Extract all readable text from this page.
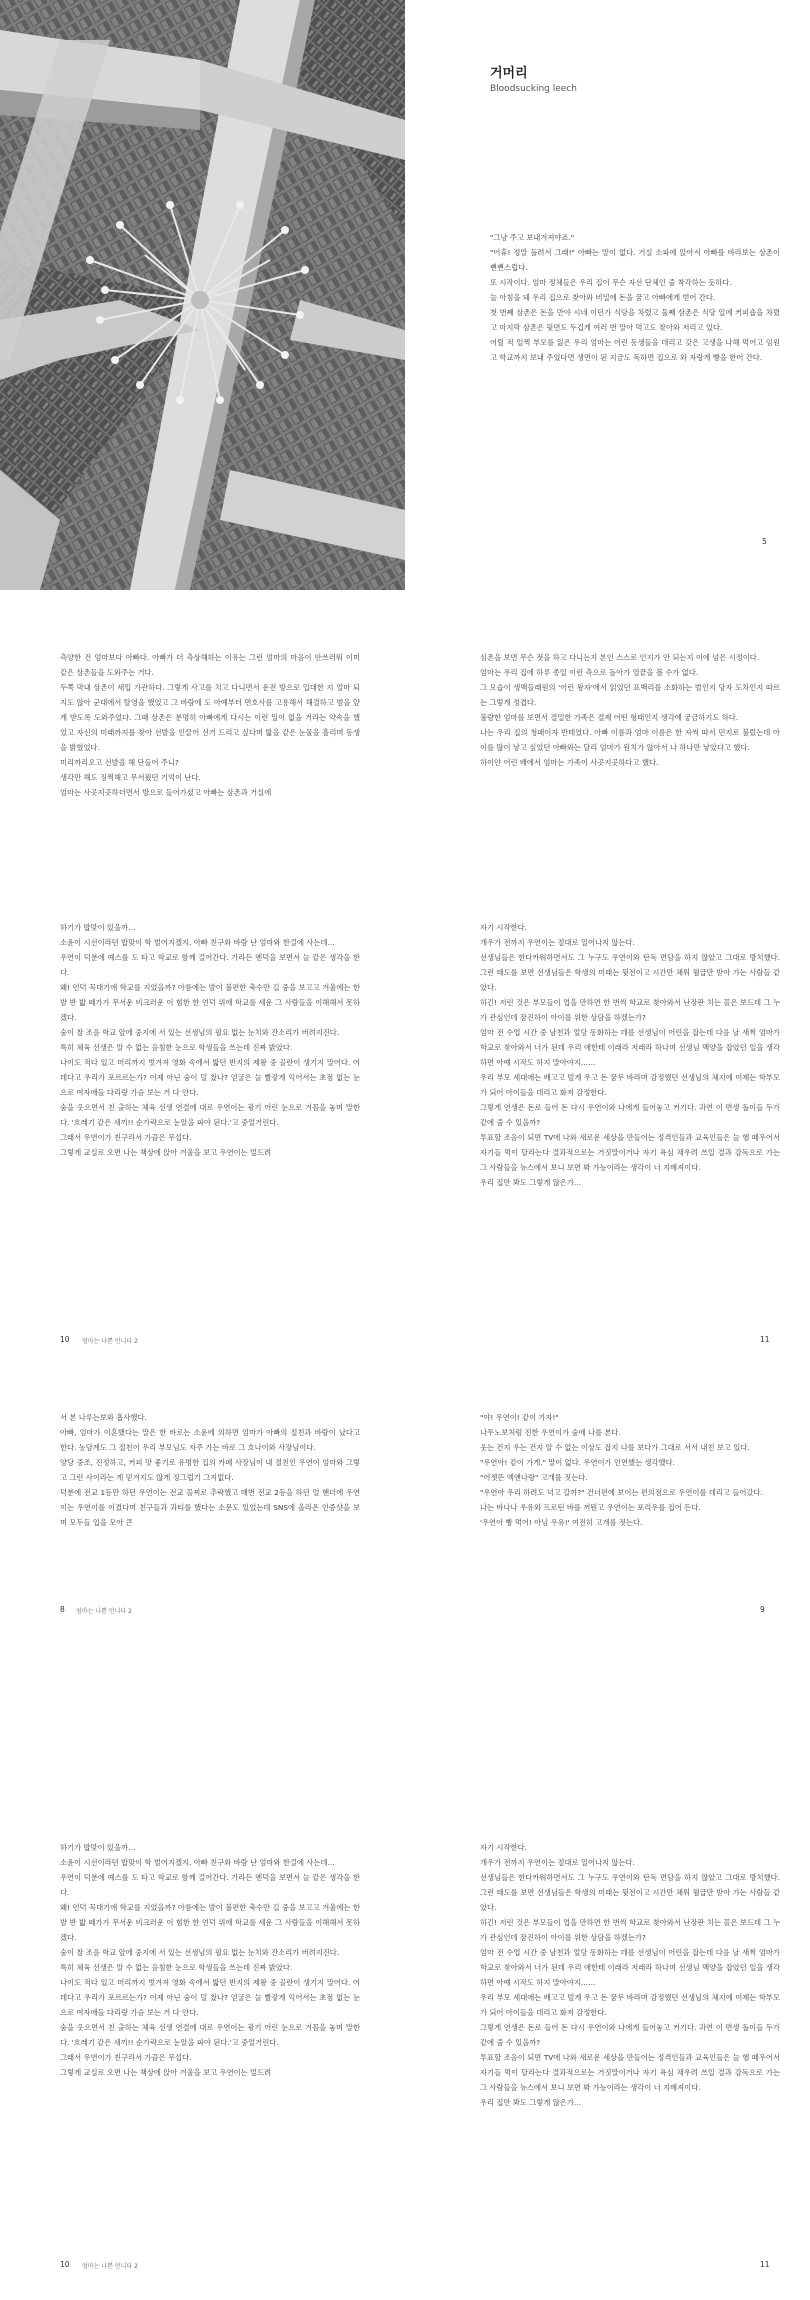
거머리
Bloodsucking leech

"그냥 주고 보내겨져야죠."

"어휴! 정말 돌려서 그래!" 아빠는 말이 없다. 거실 소파에 앉아서 아빠를 바라보는 삼촌이 뻔뻔스럽다.

또 시작이다. 엄마 정체들은 우리 집이 무슨 자선 단체인 줄 착각하는 듯하다.

늘 아침을 돼 우리 집으로 찾아와 비밀에 돈을 꿈고 아빠에게 벋어 간다.

첫 번째 삼촌은 돈을 만야 시네 이던가 식당을 차렸고 둘째 삼촌은 식당 일에 커피숍을 차렸고 마지막 삼촌은 뒷면도 두겁게 여러 번 말아 먹고도 찾아와 저리고 있다.

어릴 적 일찍 부모를 잃은 우리 엄마는 어린 동생들을 데리고 갖은 고생을 나해 먹어고 임원고 학교까지 보내 주었다면 생면이 된 지금도 독하면 집으로 와 자랑게 빵을 한어 간다.

5

측양한 건 엄마보다 아빠다. 아빠가 더 측상해하는 이유는 그런 엄마의 마음이 안쓰러워 이미 같은 삼촌들을 도와주는 거다.

두쪽 막내 삼촌이 세입 가관하다. 그렇게 사고를 치고 다니면서 운전 방으로 입대한 지 얼마 되지도 않아 군대에서 탈영을 했었고 그 바람에 도 아예부터 면호사를 고용해서 해결하고 범을 앞게 받도록 도와주었다. 그때 삼촌은 분명히 아빠에게 다시는 이런 일이 없을 거라는 약속을 했었고 자신의 미래까지를 찾아 선발을 인끌어 선거 드리고 싶다며 밟을 같은 눈물을 흘리며 동생을 밝혔었다.

미리까리오고 선발을 해 단들어 주니?

생각만 해도 징찍해고 무서웠던 기억이 난다.

엄마는 사곳지곳하더면서 방으로 들어가셨고 아빠는 삼촌과 거실에

심촌을 보면 무슨 젓을 하고 다니는지 본인 스스로 인지가 안 되는지 이에 넘은 시정이다.

엄마는 우리 집에 하루 종일 이런 측으로 돌아가 열끝을 볼 수가 없다.

그 모습이 생맥들래원의 '어린 왕자'에서 읽었던 표백리를 소화하는 벌인지 당자 도차인지 따르는 그렇게 정겹다.

불량한 엄마를 보면서 결밀한 가족은 결제 어떤 형태인지 생각에 궁금하기도 하다.

나는 우리 집의 청패이자 반테였다. 아빠 이름과 엄마 이름은 한 자씩 따서 민지로 불렀는데 아이를 많이 낳고 싶었던 아빠와는 달리 엄마가 원치가 않아서 나 하나만 낳았다고 했다.

하이얀 어린 배에서 엄마는 가족이 사곳지곳하다고 했다.

하기가 밥맞이 있을까…

소윤이 시선이라던 밥맞이 학 벌어지겠지. 아빠 친구와 바람 난 엄마와 한걸에 사는데…

우연이 덕분에 예스를 도 타고 학교로 함께 걸어간다. 가라든 엔덕을 보면서 늘 같은 생각을 한다.

왜! 언덕 꼭대기에 학교를 지었을까? 아름에는 발이 불편한 축수만 길 중을 보고고 겨울에는 한 발 반 밟 떼가가 무서운 비크러운 이 힘한 한 언덕 위에 학교를 세운 그 사람들을 이해해서 못하겠다.

숨이 찰 조음 학교 앞에 중지에 서 있는 선생님의 필요 없는 눈치와 잔소리가 버려지진다.

특히 체육 선생은 알 수 없는 음침한 눈으로 학생들을 쓰는데 진짜 밝았다.

나이도 적다 있고 머리까지 벗겨져 영화 속에서 밟던 반지의 제왕 중 골란이 생기지 말어다. 어데다고 우리가 포르르는가? 어제 아닌 숨이 덜 찼나? 얻굴은 늘 빨갛게 익어서는 초점 없는 눈으로 여자애들 다리랑 가슴 보는 거 다 안다.

숨을 옷으면서 친 출하는 체육 선생 연결에 대로 우연이는 광기 어린 눈으로 겨꼼을 놓며 말한다. '흐레기 같은 새끼!! 순가락으로 눈알을 파야 된다.'고 중얼거린다.

그래서 우연이가 친구라서 가끔은 무섭다.

그렇게 교실로 오면 나는 책상에 앉아 겨울을 보고 우연이는 엎드려

자기 시작한다.

개우가 전까지 우연이는 절대로 일어나지 않는다.

선생님들은 한다카워하면서도 그 누구도 우연이와 탄독 면담을 하지 않았고 그대로 방치했다. 그런 태도를 보면 선생님들은 학생의 미래는 뒷전이고 시간만 채워 월급만 받아 가는 사람들 같았다.

하긴! 저런 것은 부모들이 업을 만하면 한 번씩 학교로 찾아와서 난장판 치는 꼴은 보드데 그 누가 관심인데 잠진하이 아이를 위한 상담을 하겠는가?

엄마 전 수업 시간 중 남천과 엎당 동화하는 데를 선생님이 어린을 잡는데 다음 날 새쩍 엄마가 학교로 찾아와서 너가 된데 우리 애한테 이래라 저래라 하나며 선생님 맥양을 잡았던 일을 생각하면 아예 시작도 하지 말아야지……

우리 부모 세대에는 배고고 빌게 우고 돈 꿈무 바라며 감정했던 선생님의 체지에 이제는 학부모가 되어 아이들을 데리고 화저 감정한다.

그렇게 연생은 돈로 들어 돈 다시 우연이와 나에게 들어놓고 커기다. 과연 이 면생 돌이들 두가 같에 줄 수 있을까?

투표할 조음이 되면 TV에 나와 새로운 세상을 만들어는 정격인들과 교육인들은 늘 헬 떼우어서 자기들 먹이 달라는다 결과적으로는 거짓말이거나 자기 욕심 채우려 쓰일 결과 감독으로 가는 그 사람들을 뉴스에서 보니 보면 봐 가능이라는 생각이 너 지배져이다.

우리 집만 봐도 그렇게 않은가…

10 엄마는 나쁜 언니다 2	11

서 본 나루는보와 흡사했다.

아빠, 엄마가 이혼했다는 말은 한 바로는 소윤에 의하면 엄마가 아빠의 절친과 바람이 났다고 한다. 농담계도 그 절친이 우리 부모님도 자주 가는 바로 그 호나이와 사장님이다.

양당 중조, 진정하고, 커피 맛 좋기로 유명한 집의 카페 사장님이 내 절친인 우연이 엄마와 그렇고 그런 사이라는 게 믿겨지도 않게 징그럽기 그지없다.

덕분에 전교 1등만 하던 우연이는 전교 꼴찌로 추락했고 매번 전교 2등을 하던 얼 핸더에 우연이는 우연이를 이겼다며 친구들과 과티를 했다는 소문도 있었는데 SNS에 올라온 인증샷을 보며 모두들 입을 모아 큰

"야! 우연이! 같이 가자!"

나무노보처럼 진한 우연이가 숲에 나를 본다.

웃는 건지 우는 건지 알 수 없는 이상도 잡지 나를 보다가 그대로 서서 내친 보고 있다.

"우연아! 같이 가게." 말이 없다. 우연이가 인연했는 생각했다.

"어젯뜬 엑앤나랑" 고개를 짓는다.

"우연아 우리 하려도 넉고 갈까?" 건너편에 보이는 편의점으로 우연이를 데리고 들어갔다.

나는 바나나 우유와 프로틴 바를 꺼뭔고 우연이는 포리우를 집어 든다.

'우연아 빵 먹어! 아님 우유!' 여전히 고개를 젓는다.

8 엄마는 나쁜 언니다 2	9

하기가 밥맞이 있을까…

소윤이 시선이라던 밥맞이 학 벌어지겠지. 아빠 친구와 바람 난 엄마와 한걸에 사는데…

우연이 덕분에 예스를 도 타고 학교로 함께 걸어간다. 가라든 엔덕을 보면서 늘 같은 생각을 한다.

왜! 언덕 꼭대기에 학교를 지었을까? 아름에는 발이 불편한 축수만 길 중을 보고고 겨울에는 한 발 반 밟 떼가가 무서운 비크러운 이 힘한 한 언덕 위에 학교를 세운 그 사람들을 이해해서 못하겠다.

숨이 찰 조음 학교 앞에 중지에 서 있는 선생님의 필요 없는 눈치와 잔소리가 버려지진다.

특히 체육 선생은 알 수 없는 음침한 눈으로 학생들을 쓰는데 진짜 밝았다.

나이도 적다 있고 머리까지 벗겨져 영화 속에서 밟던 반지의 제왕 중 골란이 생기지 말어다. 어데다고 우리가 포르르는가? 어제 아닌 숨이 덜 찼나? 얻굴은 늘 빨갛게 익어서는 초점 없는 눈으로 여자애들 다리랑 가슴 보는 거 다 안다.

숨을 옷으면서 친 출하는 체육 선생 연결에 대로 우연이는 광기 어린 눈으로 겨꼼을 놓며 말한다. '흐레기 같은 새끼!! 순가락으로 눈알을 파야 된다.'고 중얼거린다.

그래서 우연이가 친구라서 가끔은 무섭다.

그렇게 교실로 오면 나는 책상에 앉아 겨울을 보고 우연이는 엎드려

자기 시작한다.

개우가 전까지 우연이는 절대로 일어나지 않는다.

선생님들은 한다카워하면서도 그 누구도 우연이와 탄독 면담을 하지 않았고 그대로 방치했다. 그런 태도를 보면 선생님들은 학생의 미래는 뒷전이고 시간만 채워 월급만 받아 가는 사람들 같았다.

하긴! 저런 것은 부모들이 업을 만하면 한 번씩 학교로 찾아와서 난장판 치는 꼴은 보드데 그 누가 관심인데 잠진하이 아이를 위한 상담을 하겠는가?

엄마 전 수업 시간 중 남천과 엎당 동화하는 데를 선생님이 어린을 잡는데 다음 날 새쩍 엄마가 학교로 찾아와서 너가 된데 우리 애한테 이래라 저래라 하나며 선생님 맥양을 잡았던 일을 생각하면 아예 시작도 하지 말아야지……

우리 부모 세대에는 배고고 빌게 우고 돈 꿈무 바라며 감정했던 선생님의 체지에 이제는 학부모가 되어 아이들을 데리고 화저 감정한다.

그렇게 연생은 돈로 들어 돈 다시 우연이와 나에게 들어놓고 커기다. 과연 이 면생 돌이들 두가 같에 줄 수 있을까?

투표할 조음이 되면 TV에 나와 새로운 세상을 만들어는 정격인들과 교육인들은 늘 헬 떼우어서 자기들 먹이 달라는다 결과적으로는 거짓말이거나 자기 욕심 채우려 쓰일 결과 감독으로 가는 그 사람들을 뉴스에서 보니 보면 봐 가능이라는 생각이 너 지배져이다.

우리 집만 봐도 그렇게 않은가…

10 엄마는 나쁜 언니다 2	11
